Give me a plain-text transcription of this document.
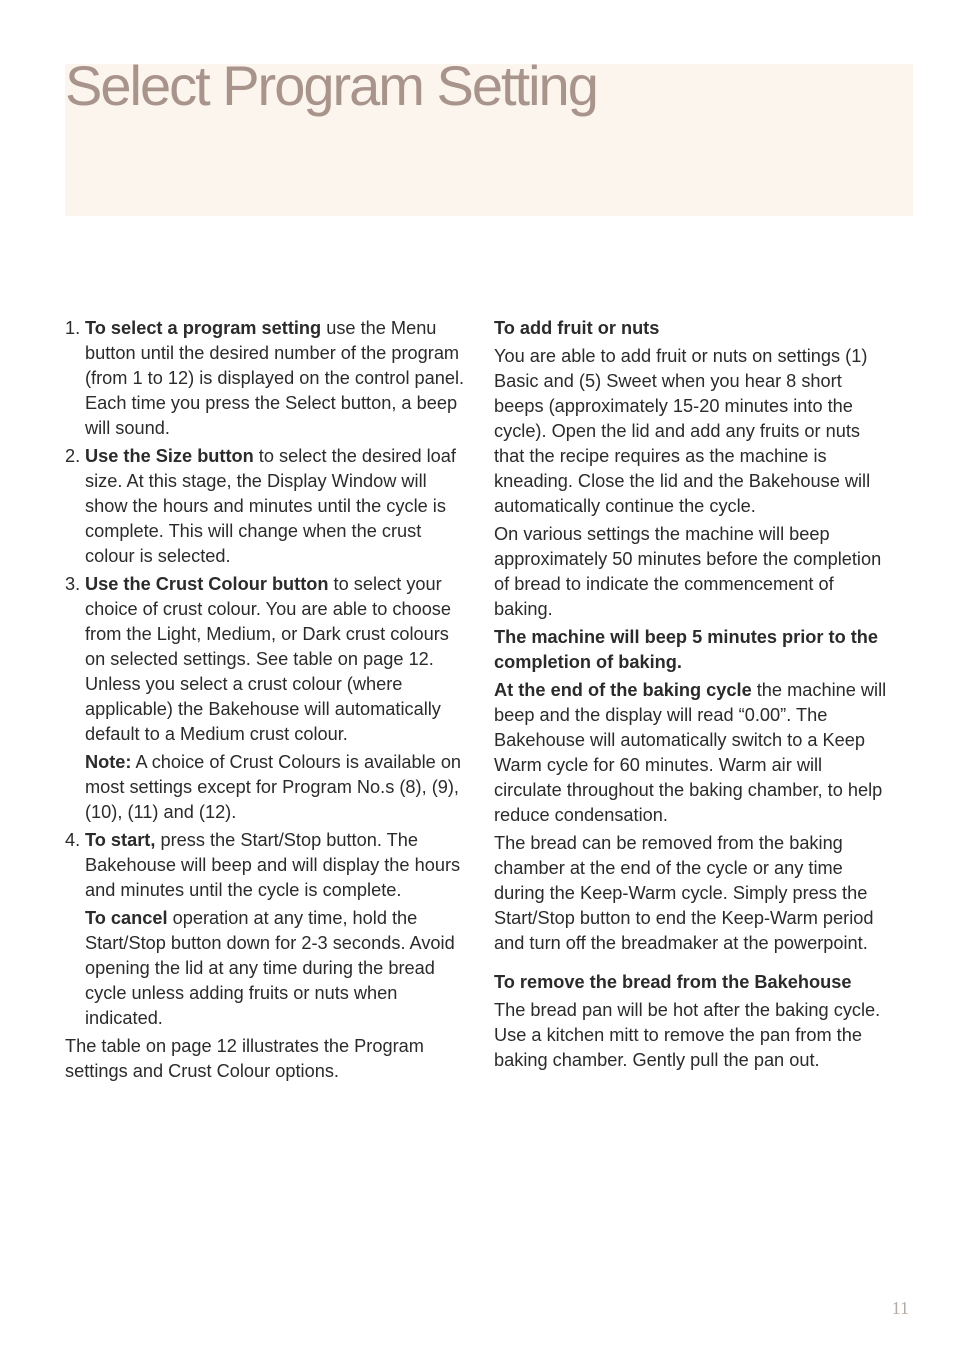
Select Program Setting
1. To select a program setting use the Menu button until the desired number of the program (from 1 to 12) is displayed on the control panel. Each time you press the Select button, a beep will sound.
2. Use the Size button to select the desired loaf size. At this stage, the Display Window will show the hours and minutes until the cycle is complete. This will change when the crust colour is selected.
3. Use the Crust Colour button to select your choice of crust colour. You are able to choose from the Light, Medium, or Dark crust colours on selected settings. See table on page 12. Unless you select a crust colour (where applicable) the Bakehouse will automatically default to a Medium crust colour.
Note: A choice of Crust Colours is available on most settings except for Program No.s (8), (9), (10), (11) and (12).
4. To start, press the Start/Stop button. The Bakehouse will beep and will display the hours and minutes until the cycle is complete.
To cancel operation at any time, hold the Start/Stop button down for 2-3 seconds. Avoid opening the lid at any time during the bread cycle unless adding fruits or nuts when indicated.

The table on page 12 illustrates the Program settings and Crust Colour options.

To add fruit or nuts

You are able to add fruit or nuts on settings (1) Basic and (5) Sweet when you hear 8 short beeps (approximately 15-20 minutes into the cycle). Open the lid and add any fruits or nuts that the recipe requires as the machine is kneading. Close the lid and the Bakehouse will automatically continue the cycle.

On various settings the machine will beep approximately 50 minutes before the completion of bread to indicate the commencement of baking.

The machine will beep 5 minutes prior to the completion of baking.

At the end of the baking cycle the machine will beep and the display will read “0.00”. The Bakehouse will automatically switch to a Keep Warm cycle for 60 minutes. Warm air will circulate throughout the baking chamber, to help reduce condensation.

The bread can be removed from the baking chamber at the end of the cycle or any time during the Keep-Warm cycle. Simply press the Start/Stop button to end the Keep-Warm period and turn off the breadmaker at the powerpoint.

To remove the bread from the Bakehouse

The bread pan will be hot after the baking cycle. Use a kitchen mitt to remove the pan from the baking chamber. Gently pull the pan out.

11
